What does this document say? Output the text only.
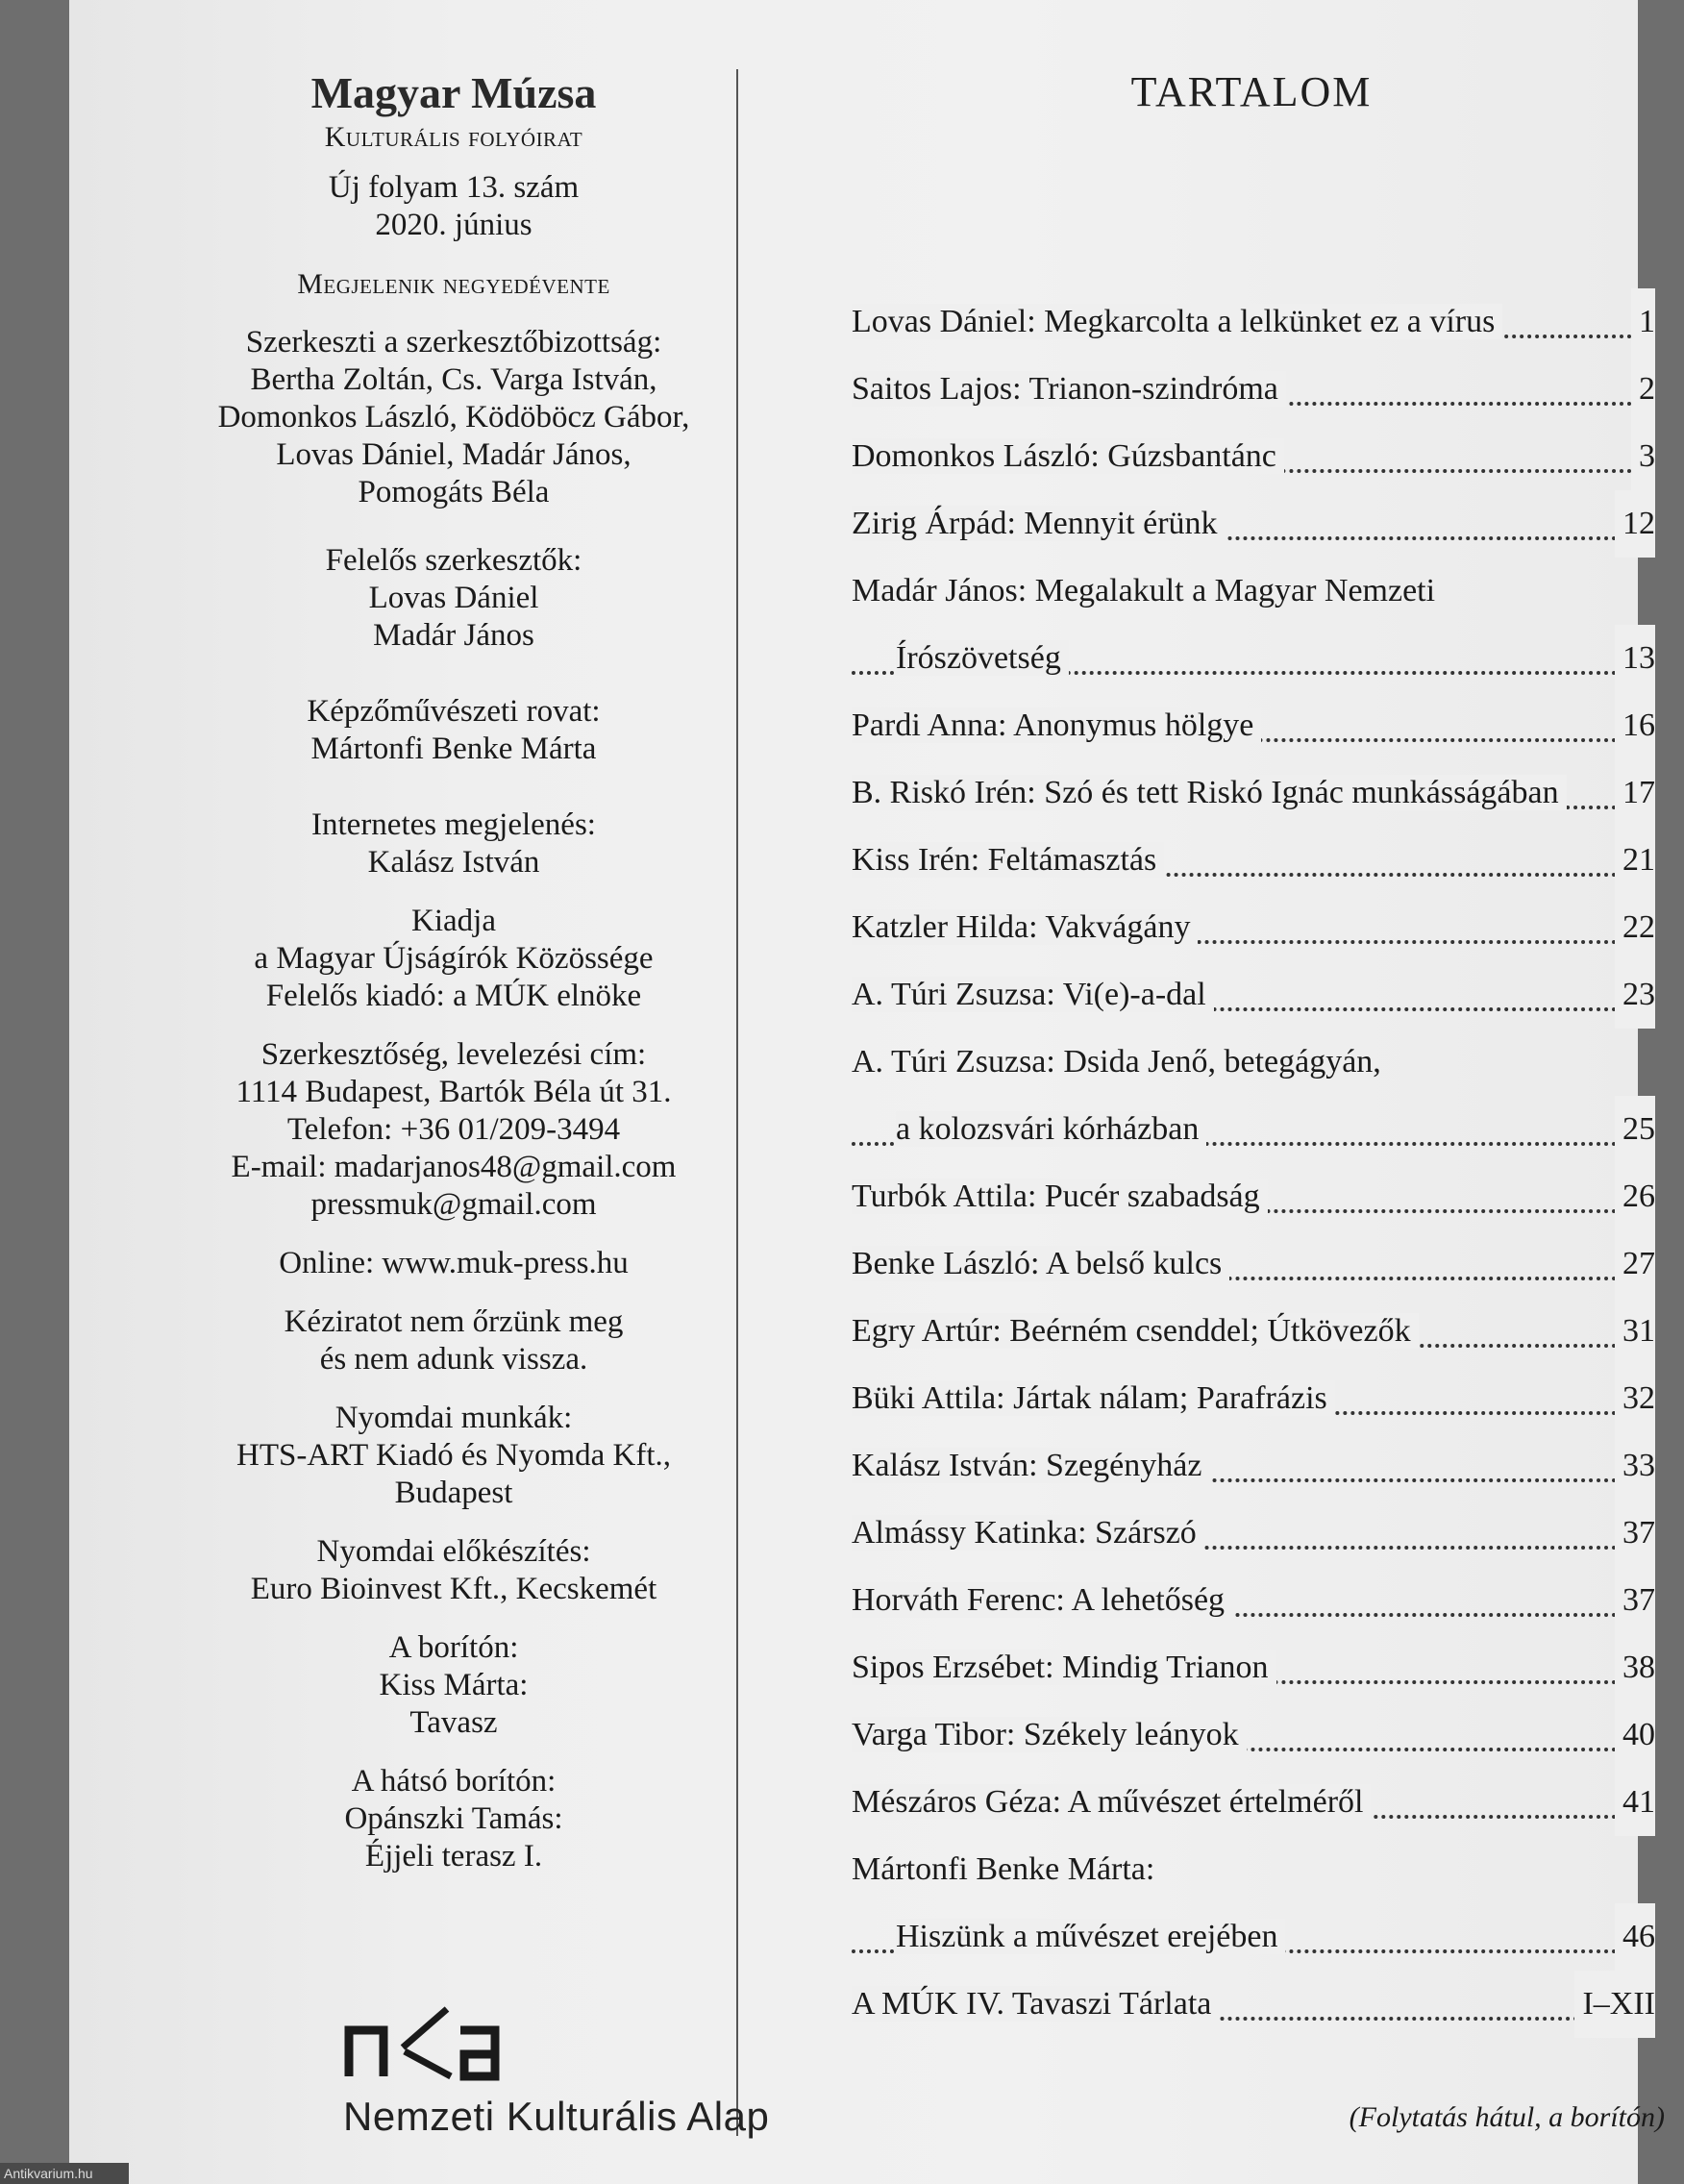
Magyar Múzsa
Kulturális folyóirat
Új folyam 13. szám
2020. június
Megjelenik negyedévente
Szerkeszti a szerkesztőbizottság:
Bertha Zoltán, Cs. Varga István,
Domonkos László, Ködöböcz Gábor,
Lovas Dániel, Madár János,
Pomogáts Béla
Felelős szerkesztők:
Lovas Dániel
Madár János
Képzőművészeti rovat:
Mártonfi Benke Márta
Internetes megjelenés:
Kalász István
Kiadja
a Magyar Újságírók Közössége
Felelős kiadó: a MÚK elnöke
Szerkesztőség, levelezési cím:
1114 Budapest, Bartók Béla út 31.
Telefon: +36 01/209-3494
E-mail: madarjanos48@gmail.com
pressmuk@gmail.com
Online: www.muk-press.hu
Kéziratot nem őrzünk meg
és nem adunk vissza.
Nyomdai munkák:
HTS-ART Kiadó és Nyomda Kft.,
Budapest
Nyomdai előkészítés:
Euro Bioinvest Kft., Kecskemét
A borítón:
Kiss Márta:
Tavasz
A hátsó borítón:
Opánszki Tamás:
Éjjeli terasz I.
Nemzeti Kulturális Alap
TARTALOM
Lovas Dániel: Megkarcolta a lelkünket ez a vírus	1
Saitos Lajos: Trianon-szindróma	2
Domonkos László: Gúzsbantánc	3
Zirig Árpád: Mennyit érünk	12
Madár János: Megalakult a Magyar Nemzeti
Írószövetség	13
Pardi Anna: Anonymus hölgye	16
B. Riskó Irén: Szó és tett Riskó Ignác munkásságában 17
Kiss Irén: Feltámasztás	21
Katzler Hilda: Vakvágány	22
A. Túri Zsuzsa: Vi(e)-a-dal	23
A. Túri Zsuzsa: Dsida Jenő, betegágyán,
a kolozsvári kórházban	25
Turbók Attila: Pucér szabadság	26
Benke László: A belső kulcs	27
Egry Artúr: Beérném csenddel; Útkövezők	31
Büki Attila: Jártak nálam; Parafrázis	32
Kalász István: Szegényház	33
Almássy Katinka: Szárszó	37
Horváth Ferenc: A lehetőség	37
Sipos Erzsébet: Mindig Trianon	38
Varga Tibor: Székely leányok	40
Mészáros Géza: A művészet értelméről	41
Mártonfi Benke Márta:
Hiszünk a művészet erejében	46
A MÚK IV. Tavaszi Tárlata	I–XII
(Folytatás hátul, a borítón)
Antikvarium.hu
